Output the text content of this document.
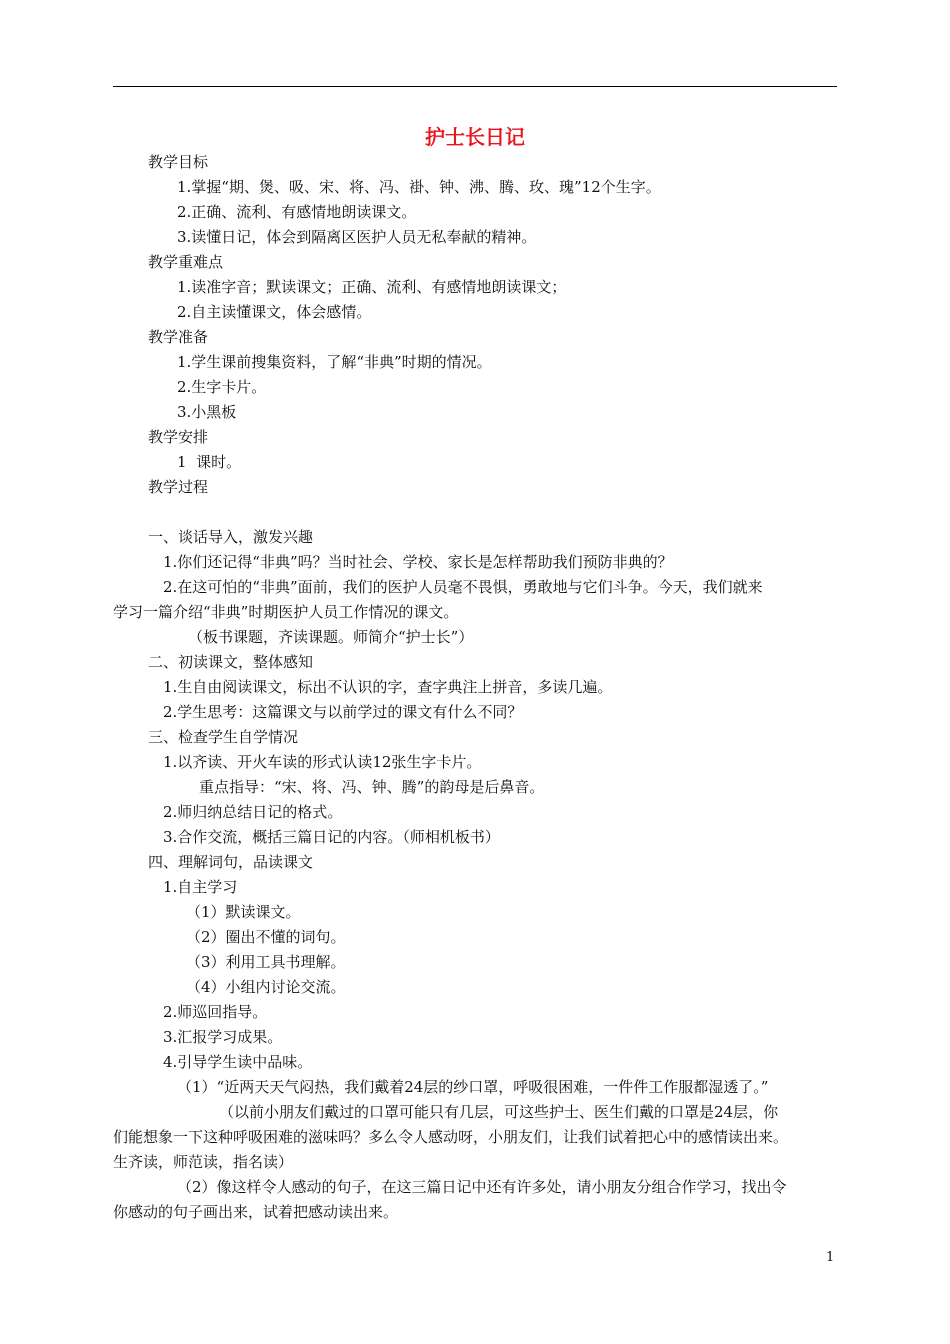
护士长日记
教学目标
1.掌握“期、煲、吸、宋、将、冯、褂、钟、沸、腾、玫、瑰”12个生字。
2.正确、流利、有感情地朗读课文。
3.读懂日记，体会到隔离区医护人员无私奉献的精神。
教学重难点
1.读准字音；默读课文；正确、流利、有感情地朗读课文；
2.自主读懂课文，体会感情。
教学准备
1.学生课前搜集资料，了解“非典”时期的情况。
2.生字卡片。
3.小黑板
教学安排
1  课时。
教学过程
一、谈话导入，激发兴趣
1.你们还记得“非典”吗？当时社会、学校、家长是怎样帮助我们预防非典的？
2.在这可怕的“非典”面前，我们的医护人员毫不畏惧，勇敢地与它们斗争。今天，我们就来
学习一篇介绍“非典”时期医护人员工作情况的课文。
（板书课题，齐读课题。师简介“护士长”）
二、初读课文，整体感知
1.生自由阅读课文，标出不认识的字，查字典注上拼音，多读几遍。
2.学生思考：这篇课文与以前学过的课文有什么不同？
三、检查学生自学情况
1.以齐读、开火车读的形式认读12张生字卡片。
重点指导：“宋、将、冯、钟、腾”的韵母是后鼻音。
2.师归纳总结日记的格式。
3.合作交流，概括三篇日记的内容。（师相机板书）
四、理解词句，品读课文
1.自主学习
（1）默读课文。
（2）圈出不懂的词句。
（3）利用工具书理解。
（4）小组内讨论交流。
2.师巡回指导。
3.汇报学习成果。
4.引导学生读中品味。
（1）“近两天天气闷热，我们戴着24层的纱口罩，呼吸很困难，一件件工作服都湿透了。”
（以前小朋友们戴过的口罩可能只有几层，可这些护士、医生们戴的口罩是24层，你
们能想象一下这种呼吸困难的滋味吗？多么令人感动呀，小朋友们，让我们试着把心中的感情读出来。
生齐读，师范读，指名读）
（2）像这样令人感动的句子，在这三篇日记中还有许多处，请小朋友分组合作学习，找出令
你感动的句子画出来，试着把感动读出来。
1
